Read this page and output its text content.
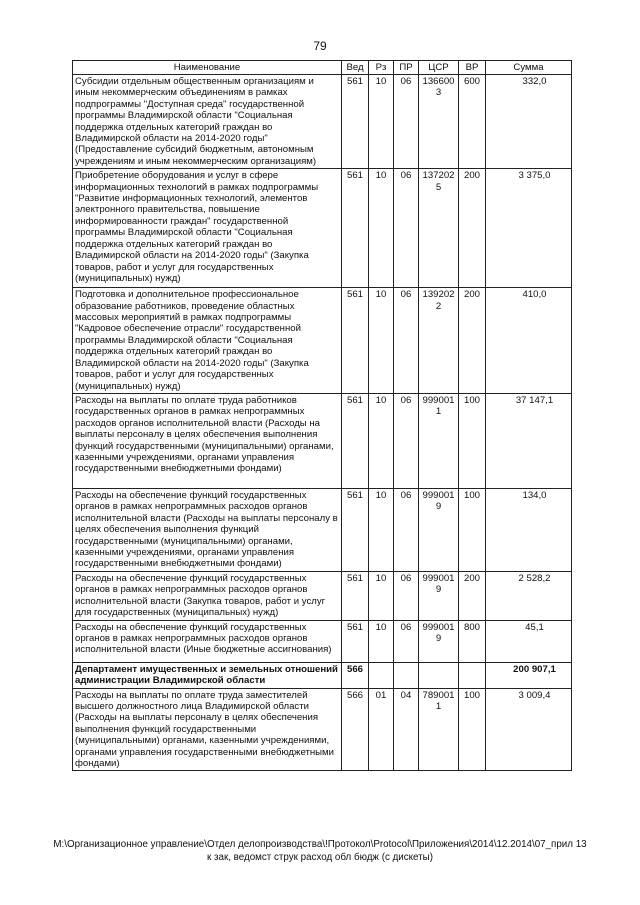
79
Наименование	Вед	Рз	ПР	ЦСР	ВР	Сумма
Субсидии отдельным общественным организациям и иным некоммерческим объединениям в рамках подпрограммы "Доступная среда" государственной программы Владимирской области "Социальная поддержка отдельных категорий граждан во Владимирской области на 2014-2020 годы" (Предоставление субсидий бюджетным, автономным учреждениям и иным некоммерческим организациям)	561	10	06	1366003	600	332,0
Приобретение оборудования и услуг в сфере информационных технологий в рамках подпрограммы "Развитие информационных технологий, элементов электронного правительства, повышение информированности граждан" государственной программы Владимирской области "Социальная поддержка отдельных категорий граждан во Владимирской области на 2014-2020 годы" (Закупка товаров, работ и услуг для государственных (муниципальных) нужд)	561	10	06	1372025	200	3 375,0
Подготовка и дополнительное профессиональное образование работников, проведение областных массовых мероприятий в рамках подпрограммы "Кадровое обеспечение отрасли" государственной программы Владимирской области "Социальная поддержка отдельных категорий граждан во Владимирской области на 2014-2020 годы" (Закупка товаров, работ и услуг для государственных (муниципальных) нужд)	561	10	06	1392022	200	410,0
Расходы на выплаты по оплате труда работников государственных органов в рамках непрограммных расходов органов исполнительной власти (Расходы на выплаты персоналу в целях обеспечения выполнения функций государственными (муниципальными) органами, казенными учреждениями, органами управления государственными внебюджетными фондами)	561	10	06	9990011	100	37 147,1
Расходы на обеспечение функций государственных органов в рамках непрограммных расходов органов исполнительной власти (Расходы на выплаты персоналу в целях обеспечения выполнения функций государственными (муниципальными) органами, казенными учреждениями, органами управления государственными внебюджетными фондами)	561	10	06	9990019	100	134,0
Расходы на обеспечение функций государственных органов в рамках непрограммных расходов органов исполнительной власти (Закупка товаров, работ и услуг для государственных (муниципальных) нужд)	561	10	06	9990019	200	2 528,2
Расходы на обеспечение функций государственных органов в рамках непрограммных расходов органов исполнительной власти (Иные бюджетные ассигнования)	561	10	06	9990019	800	45,1
Департамент имущественных и земельных отношений администрации Владимирской области	566					200 907,1
Расходы на выплаты по оплате труда заместителей высшего должностного лица Владимирской области (Расходы на выплаты персоналу в целях обеспечения выполнения функций государственными (муниципальными) органами, казенными учреждениями, органами управления государственными внебюджетными фондами)	566	01	04	7890011	100	3 009,4
M:\Организационное управление\Отдел делопроизводства\!Протокол\Protocol\Приложения\2014\12.2014\07_прил 13
к зак, ведомст струк расход обл бюдж (с дискеты)
